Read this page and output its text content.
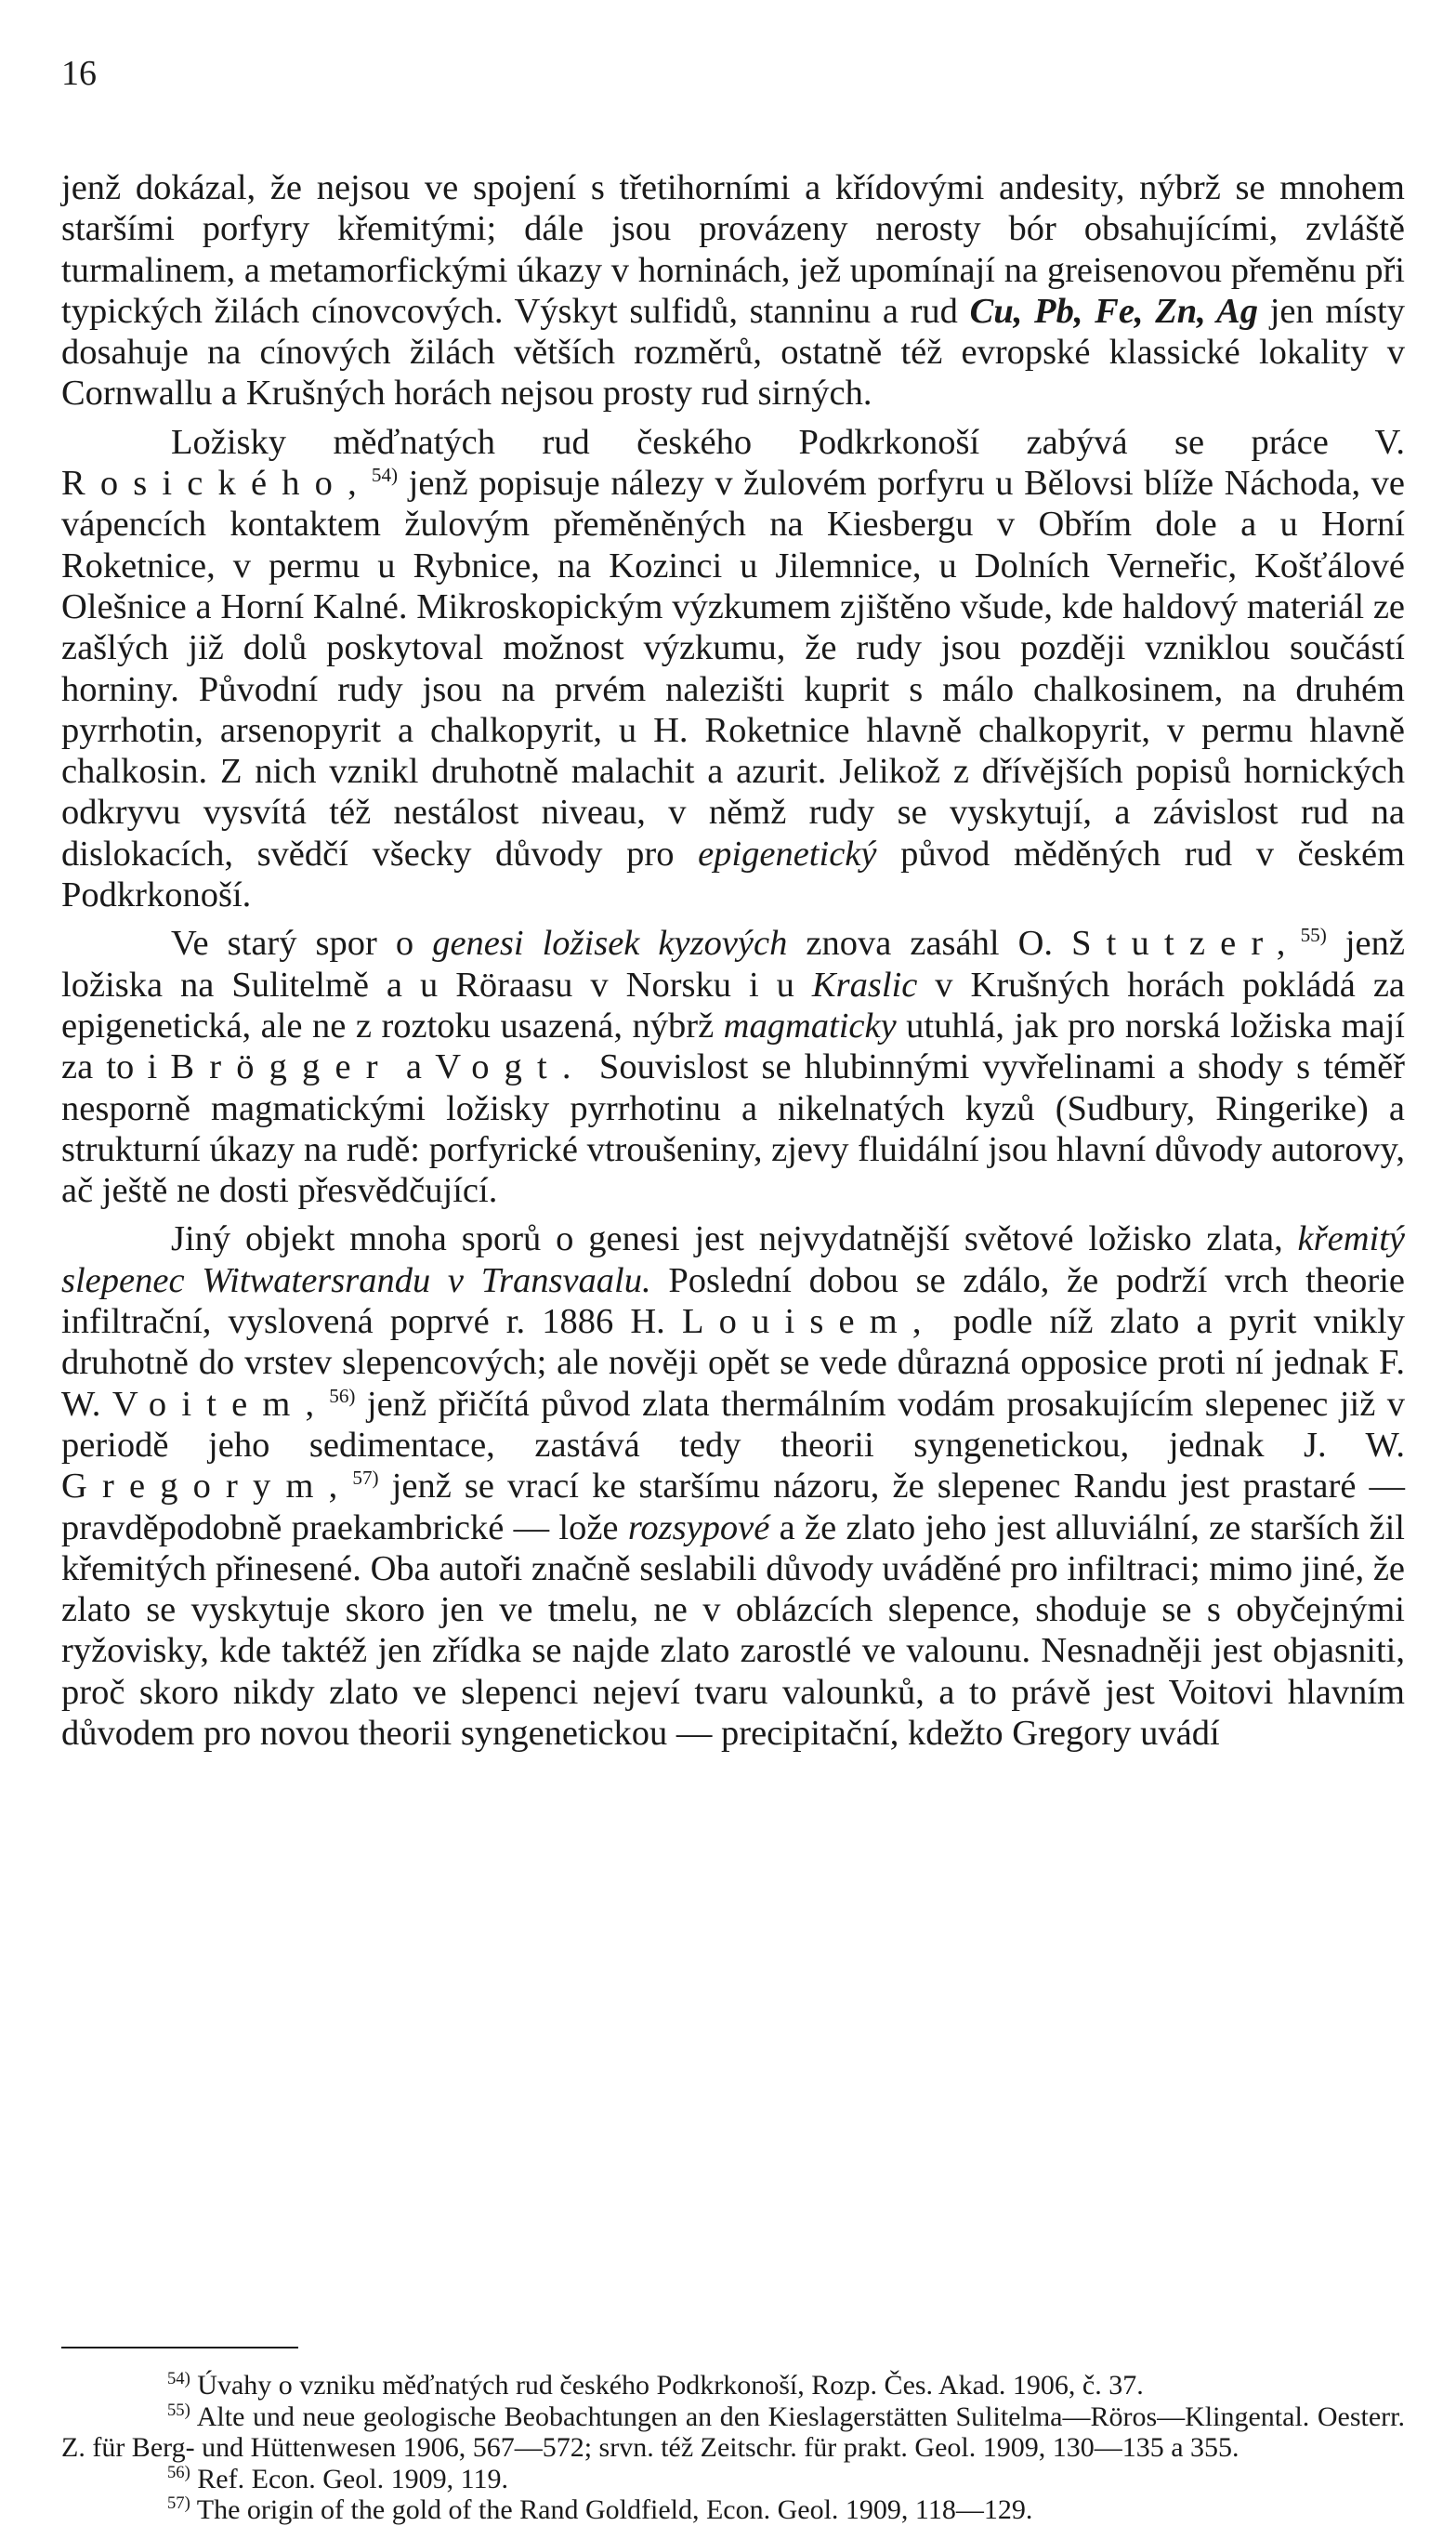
16

jenž dokázal, že nejsou ve spojení s třetihorními a křídovými andesity, nýbrž se mnohem staršími porfyry křemitými; dále jsou provázeny nerosty bór obsahujícími, zvláště turmalinem, a metamorfickými úkazy v horninách, jež upomínají na greisenovou přeměnu při typických žilách cínovcových. Výskyt sulfidů, stanninu a rud Cu, Pb, Fe, Zn, Ag jen místy dosahuje na cínových žilách větších rozměrů, ostatně též evropské klassické lokality v Cornwallu a Krušných horách nejsou prosty rud sirných.

Ložisky měďnatých rud českého Podkrkonoší zabývá se práce V. Rosického,$^{54)}$ jenž popisuje nálezy v žulovém porfyru u Bělovsi blíže Náchoda, ve vápencích kontaktem žulovým přeměněných na Kiesbergu v Obřím dole a u Horní Roketnice, v permu u Rybnice, na Kozinci u Jilemnice, u Dolních Verneřic, Košťálové Olešnice a Horní Kalné. Mikroskopickým výzkumem zjištěno všude, kde haldový materiál ze zašlých již dolů poskytoval možnost výzkumu, že rudy jsou později vzniklou součástí horniny. Původní rudy jsou na prvém nalezišti kuprit s málo chalkosinem, na druhém pyrrhotin, arsenopyrit a chalkopyrit, u H. Roketnice hlavně chalkopyrit, v permu hlavně chalkosin. Z nich vznikl druhotně malachit a azurit. Jelikož z dřívějších popisů hornických odkryvu vysvítá též nestálost niveau, v němž rudy se vyskytují, a závislost rud na dislokacích, svědčí všecky důvody pro epigenetický původ měděných rud v českém Podkrkonoší.

Ve starý spor o genesi ložisek kyzových znova zasáhl O. Stutzer,$^{55)}$ jenž ložiska na Sulitelmě a u Röraasu v Norsku i u Kraslic v Krušných horách pokládá za epigenetická, ale ne z roztoku usazená, nýbrž magmaticky utuhlá, jak pro norská ložiska mají za to i Brögger a Vogt. Souvislost se hlubinnými vyvřelinami a shody s téměř nesporně magmatickými ložisky pyrrhotinu a nikelnatých kyzů (Sudbury, Ringerike) a strukturní úkazy na rudě: porfyrické vtroušeniny, zjevy fluidální jsou hlavní důvody autorovy, ač ještě ne dosti přesvědčující.

Jiný objekt mnoha sporů o genesi jest nejvydatnější světové ložisko zlata, křemitý slepenec Witwatersrandu v Transvaalu. Poslední dobou se zdálo, že podrží vrch theorie infiltrační, vyslovená poprvé r. 1886 H. Louisem, podle níž zlato a pyrit vnikly druhotně do vrstev slepencových; ale nověji opět se vede důrazná opposice proti ní jednak F. W. Voitem,$^{56)}$ jenž přičítá původ zlata thermálním vodám prosakujícím slepenec již v periodě jeho sedimentace, zastává tedy theorii syngenetickou, jednak J. W. Gregorym,$^{57)}$ jenž se vrací ke staršímu názoru, že slepenec Randu jest prastaré — pravděpodobně praekambrické — lože rozsypové a že zlato jeho jest alluviální, ze starších žil křemitých přinesené. Oba autoři značně seslabili důvody uváděné pro infiltraci; mimo jiné, že zlato se vyskytuje skoro jen ve tmelu, ne v oblázcích slepence, shoduje se s obyčejnými ryžovisky, kde taktéž jen zřídka se najde zlato zarostlé ve valounu. Nesnadněji jest objasniti, proč skoro nikdy zlato ve slepenci nejeví tvaru valounků, a to právě jest Voitovi hlavním důvodem pro novou theorii syngenetickou — precipitační, kdežto Gregory uvádí

$^{54)}$ Úvahy o vzniku měďnatých rud českého Podkrkonoší, Rozp. Čes. Akad. 1906, č. 37.

$^{55)}$ Alte und neue geologische Beobachtungen an den Kieslagerstätten Sulitelma—Röros—Klingental. Oesterr. Z. für Berg- und Hüttenwesen 1906, 567—572; srvn. též Zeitschr. für prakt. Geol. 1909, 130—135 a 355.

$^{56)}$ Ref. Econ. Geol. 1909, 119.

$^{57)}$ The origin of the gold of the Rand Goldfield, Econ. Geol. 1909, 118—129.
